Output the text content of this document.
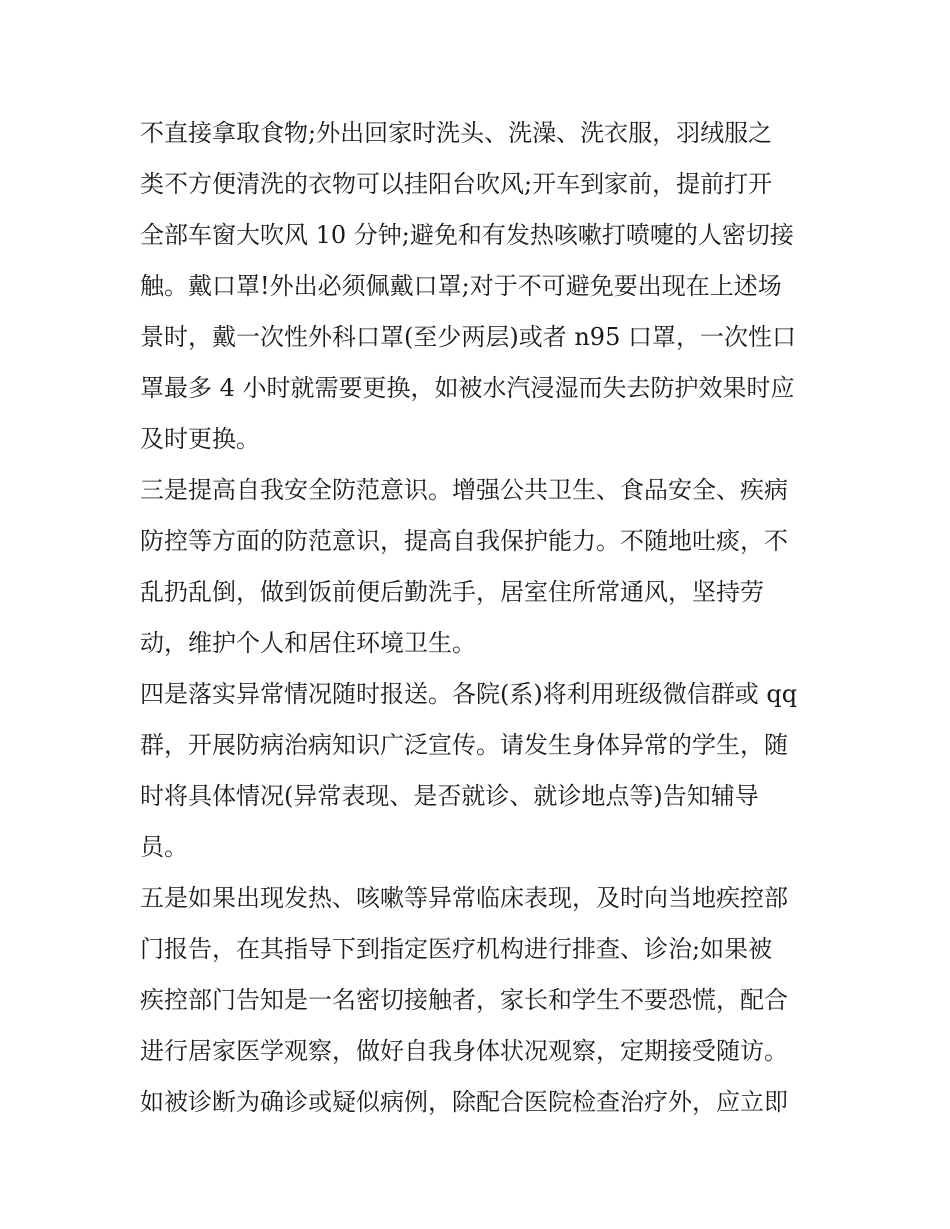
不直接拿取食物;外出回家时洗头、洗澡、洗衣服，羽绒服之
类不方便清洗的衣物可以挂阳台吹风;开车到家前，提前打开
全部车窗大吹风 10 分钟;避免和有发热咳嗽打喷嚏的人密切接
触。戴口罩!外出必须佩戴口罩;对于不可避免要出现在上述场
景时，戴一次性外科口罩(至少两层)或者 n95 口罩，一次性口
罩最多 4 小时就需要更换，如被水汽浸湿而失去防护效果时应
及时更换。

三是提高自我安全防范意识。增强公共卫生、食品安全、疾病
防控等方面的防范意识，提高自我保护能力。不随地吐痰，不
乱扔乱倒，做到饭前便后勤洗手，居室住所常通风，坚持劳
动，维护个人和居住环境卫生。

四是落实异常情况随时报送。各院(系)将利用班级微信群或 qq
群，开展防病治病知识广泛宣传。请发生身体异常的学生，随
时将具体情况(异常表现、是否就诊、就诊地点等)告知辅导
员。

五是如果出现发热、咳嗽等异常临床表现，及时向当地疾控部
门报告，在其指导下到指定医疗机构进行排查、诊治;如果被
疾控部门告知是一名密切接触者，家长和学生不要恐慌，配合
进行居家医学观察，做好自我身体状况观察，定期接受随访。
如被诊断为确诊或疑似病例，除配合医院检查治疗外，应立即
